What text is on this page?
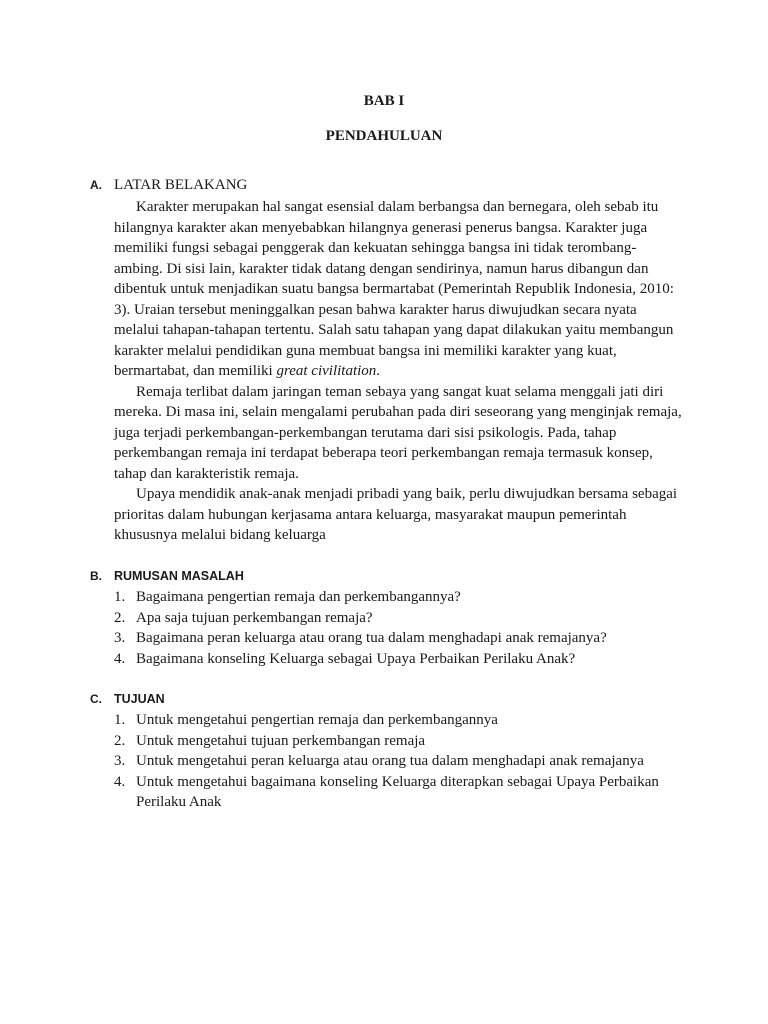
BAB I
PENDAHULUAN
A. LATAR BELAKANG

Karakter merupakan hal sangat esensial dalam berbangsa dan bernegara, oleh sebab itu hilangnya karakter akan menyebabkan hilangnya generasi penerus bangsa. Karakter juga memiliki fungsi sebagai penggerak dan kekuatan sehingga bangsa ini tidak terombang-ambing. Di sisi lain, karakter tidak datang dengan sendirinya, namun harus dibangun dan dibentuk untuk menjadikan suatu bangsa bermartabat (Pemerintah Republik Indonesia, 2010: 3). Uraian tersebut meninggalkan pesan bahwa karakter harus diwujudkan secara nyata melalui tahapan-tahapan tertentu. Salah satu tahapan yang dapat dilakukan yaitu membangun karakter melalui pendidikan guna membuat bangsa ini memiliki karakter yang kuat, bermartabat, dan memiliki great civilitation.

Remaja terlibat dalam jaringan teman sebaya yang sangat kuat selama menggali jati diri mereka. Di masa ini, selain mengalami perubahan pada diri seseorang yang menginjak remaja, juga terjadi perkembangan-perkembangan terutama dari sisi psikologis. Pada, tahap perkembangan remaja ini terdapat beberapa teori perkembangan remaja termasuk konsep, tahap dan karakteristik remaja.

Upaya mendidik anak-anak menjadi pribadi yang baik, perlu diwujudkan bersama sebagai prioritas dalam hubungan kerjasama antara keluarga, masyarakat maupun pemerintah khususnya melalui bidang keluarga

B. RUMUSAN MASALAH
1. Bagaimana pengertian remaja dan perkembangannya?
2. Apa saja tujuan perkembangan remaja?
3. Bagaimana peran keluarga atau orang tua dalam menghadapi anak remajanya?
4. Bagaimana konseling Keluarga sebagai Upaya Perbaikan Perilaku Anak?
C. TUJUAN
1. Untuk mengetahui pengertian remaja dan perkembangannya
2. Untuk mengetahui tujuan perkembangan remaja
3. Untuk mengetahui peran keluarga atau orang tua dalam menghadapi anak remajanya
4. Untuk mengetahui bagaimana konseling Keluarga diterapkan sebagai Upaya Perbaikan Perilaku Anak
